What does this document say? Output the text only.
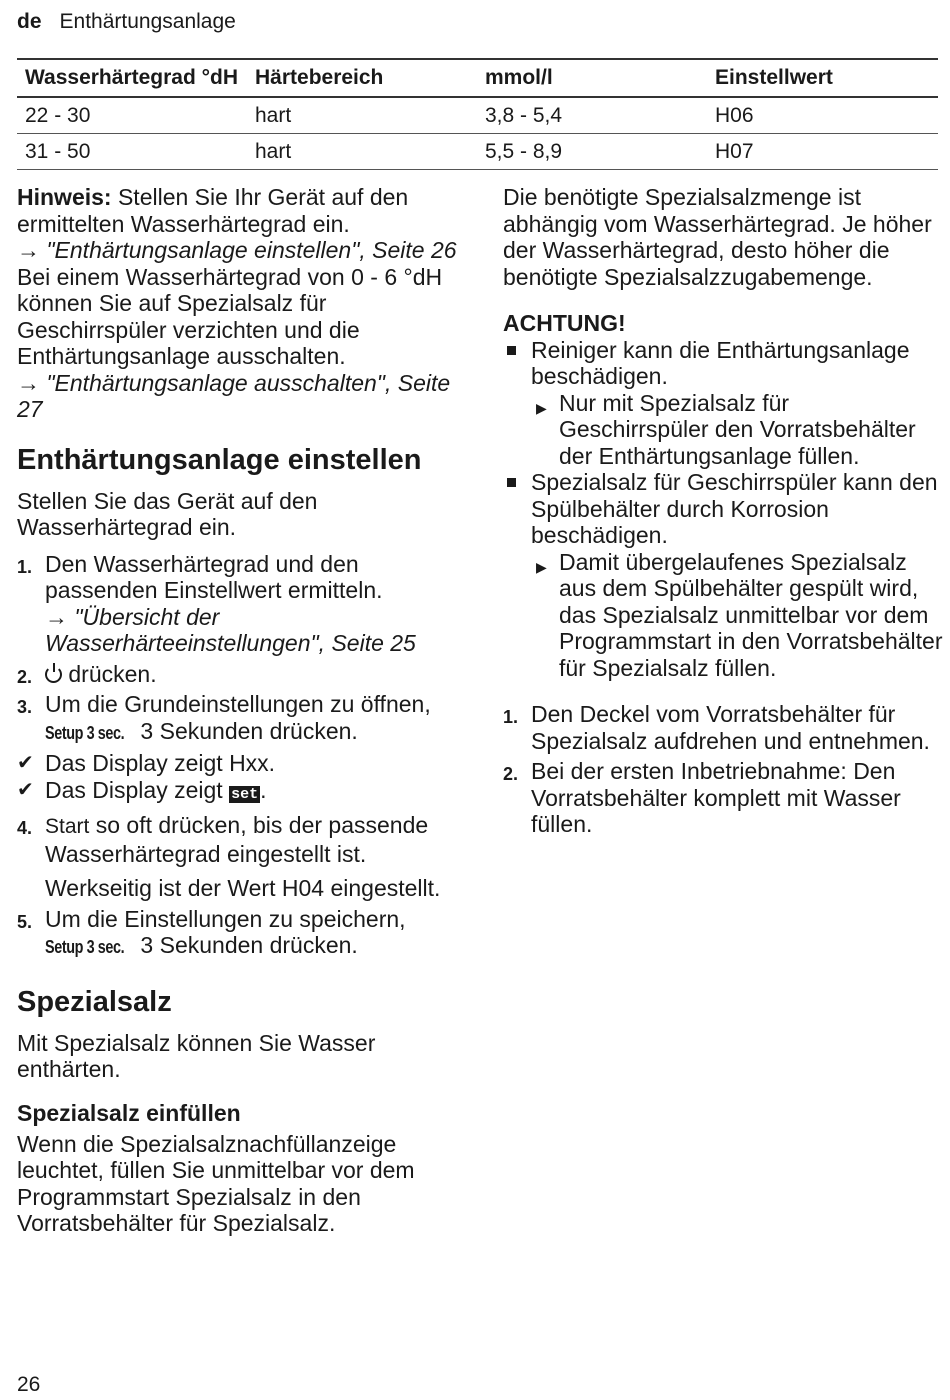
de Enthärtungsanlage
Wasserhärtegrad °dH	Härtebereich	mmol/l	Einstellwert
22 - 30	hart	3,8 - 5,4	H06
31 - 50	hart	5,5 - 8,9	H07

Hinweis: Stellen Sie Ihr Gerät auf den ermittelten Wasserhärtegrad ein.

→ "Enthärtungsanlage einstellen", Seite 26

Bei einem Wasserhärtegrad von 0 - 6 °dH können Sie auf Spezialsalz für Geschirrspüler verzichten und die Enthärtungsanlage ausschalten.

→ "Enthärtungsanlage ausschalten", Seite 27

Enthärtungsanlage einstellen

Stellen Sie das Gerät auf den Wasserhärtegrad ein.

1. Den Wasserhärtegrad und den passenden Einstellwert ermitteln.

→ "Übersicht der Wasserhärteeinstellungen", Seite 25

2.	drücken.

3. Um die Grundeinstellungen zu öffnen, Setup 3 sec. 3 Sekunden drücken.

✔ Das Display zeigt Hxx.

✔ Das Display zeigt set.

4. Start so oft drücken, bis der passende Wasserhärtegrad eingestellt ist.

Werkseitig ist der Wert H04 eingestellt.

5. Um die Einstellungen zu speichern, Setup 3 sec. 3 Sekunden drücken.

Spezialsalz

Mit Spezialsalz können Sie Wasser enthärten.

Spezialsalz einfüllen

Wenn die Spezialsalznachfüllanzeige leuchtet, füllen Sie unmittelbar vor dem Programmstart Spezialsalz in den Vorratsbehälter für Spezialsalz.

Die benötigte Spezialsalzmenge ist abhängig vom Wasserhärtegrad. Je höher der Wasserhärtegrad, desto höher die benötigte Spezialsalzzugabemenge.

ACHTUNG!

Reiniger kann die Enthärtungsanlage beschädigen.

▶ Nur mit Spezialsalz für Geschirrspüler den Vorratsbehälter der Enthärtungsanlage füllen.

Spezialsalz für Geschirrspüler kann den Spülbehälter durch Korrosion beschädigen.

▶ Damit übergelaufenes Spezialsalz aus dem Spülbehälter gespült wird, das Spezialsalz unmittelbar vor dem Programmstart in den Vorratsbehälter für Spezialsalz füllen.

1. Den Deckel vom Vorratsbehälter für Spezialsalz aufdrehen und entnehmen.

2. Bei der ersten Inbetriebnahme: Den Vorratsbehälter komplett mit Wasser füllen.

26
